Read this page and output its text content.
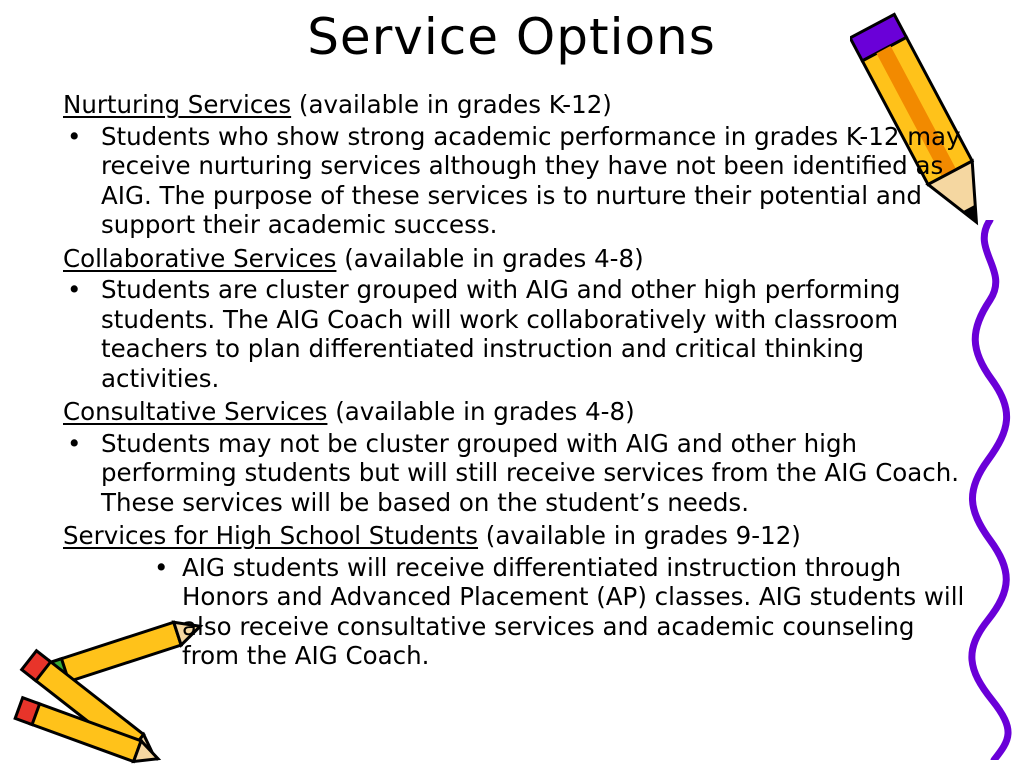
Service Options
Nurturing Services (available in grades K-12)
• Students who show strong academic performance in grades K-12 may receive nurturing services although they have not been identified as AIG. The purpose of these services is to nurture their potential and support their academic success.
Collaborative Services (available in grades 4-8)
• Students are cluster grouped with AIG and other high performing students. The AIG Coach will work collaboratively with classroom teachers to plan differentiated instruction and critical thinking activities.
Consultative Services (available in grades 4-8)
• Students may not be cluster grouped with AIG and other high performing students but will still receive services from the AIG Coach. These services will be based on the student’s needs.
Services for High School Students (available in grades 9-12)
• AIG students will receive differentiated instruction through Honors and Advanced Placement (AP) classes. AIG students will also receive consultative services and academic counseling from the AIG Coach.
